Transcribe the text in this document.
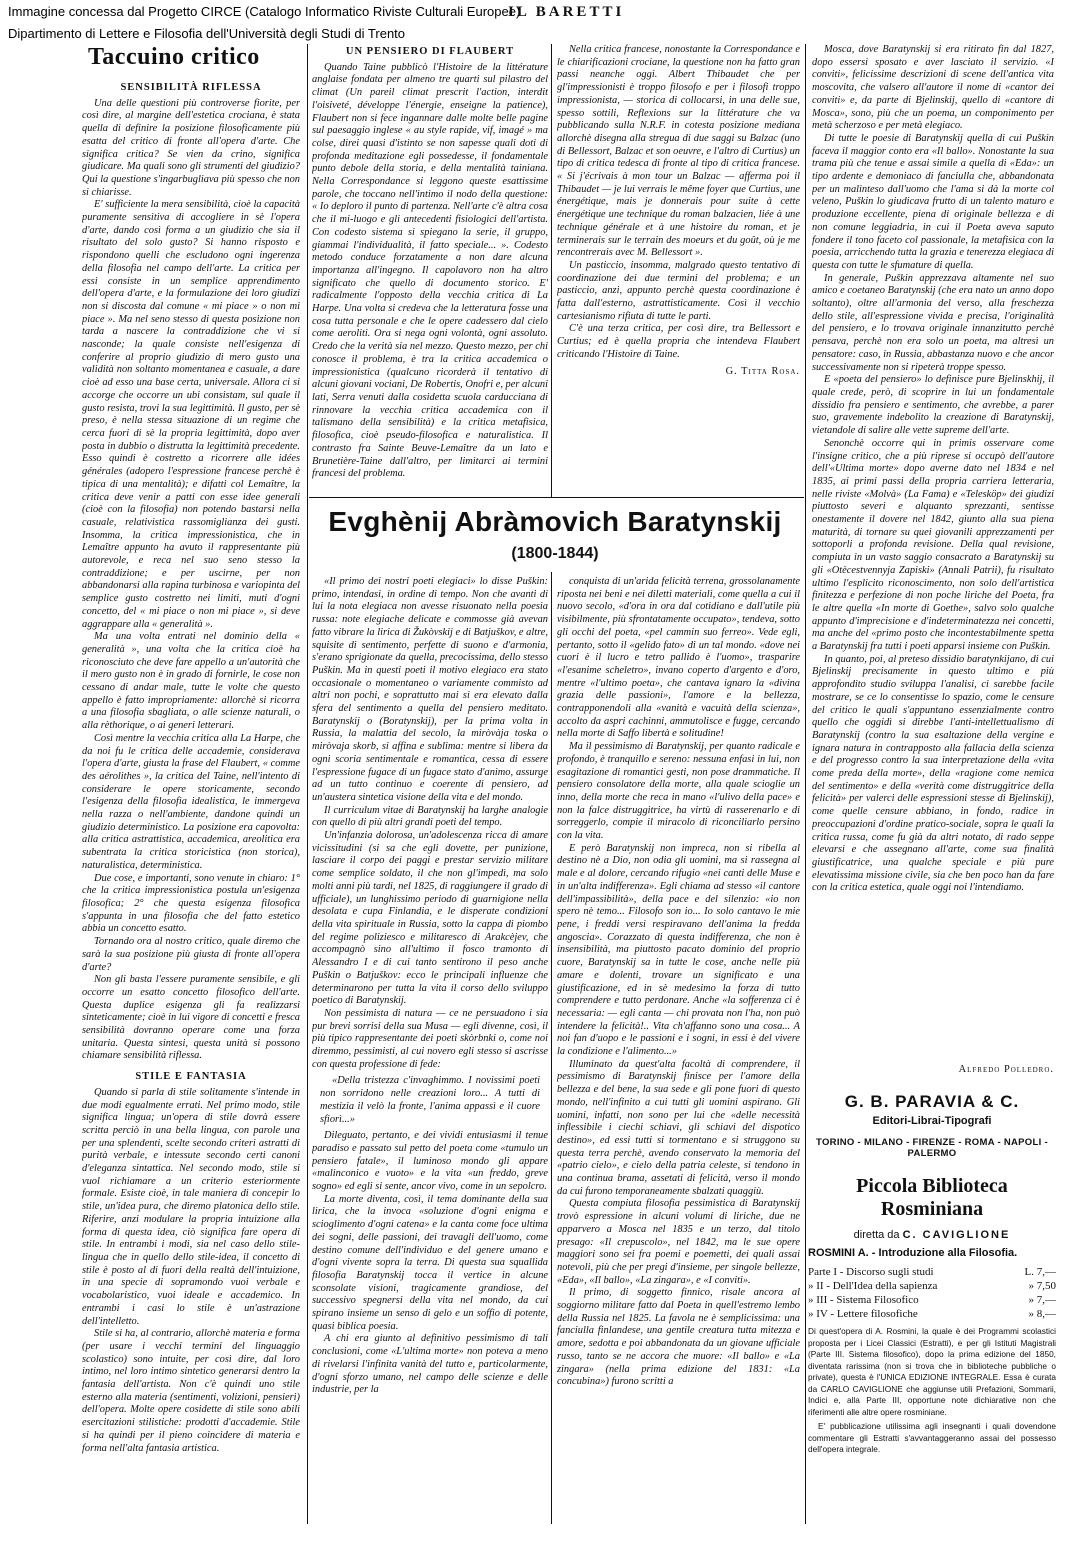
Immagine concessa dal Progetto CIRCE (Catalogo Informatico Riviste Culturali Europee)
Dipartimento di Lettere e Filosofia dell'Università degli Studi di Trento
IL BARETTI
Taccuino critico
SENSIBILITÀ RIFLESSA

Una delle questioni più controverse fiorite, per così dire, al margine dell'estetica crociana, è stata quella di definire la posizione filosoficamente più esatta del critico di fronte all'opera d'arte. Che significa critica? Se vien da crino, significa giudicare. Ma quali sono gli strumenti del giudizio? Qui la questione s'ingarbugliava più spesso che non si chiarisse.

E' sufficiente la mera sensibilità, cioè la capacità puramente sensitiva di accogliere in sè l'opera d'arte, dando così forma a un giudizio che sia il risultato del solo gusto? Si hanno risposto e rispondono quelli che escludono ogni ingerenza della filosofia nel campo dell'arte. La critica per essi consiste in un semplice apprendimento dell'opera d'arte, e la formulazione dei loro giudizi non si discosta dal comune « mi piace » o non mi piace ». Ma nel seno stesso di questa posizione non tarda a nascere la contraddizione che vi si nasconde; la quale consiste nell'esigenza di conferire al proprio giudizio di mero gusto una validità non soltanto momentanea e casuale, a dare cioè ad esso una base certa, universale. Allora ci si accorge che occorre un ubi consistam, sul quale il gusto resista, trovi la sua legittimità. Il gusto, per sè preso, è nella stessa situazione di un regime che cerca fuori di sè la propria legittimità, dopo aver posta in dubbio o distrutta la legittimità precedente. Esso quindi è costretto a ricorrere alle idées générales (adopero l'espressione francese perchè è tipica di una mentalità); e difatti col Lemaître, la critica deve venir a patti con esse idee generali (cioè con la filosofia) non potendo bastarsi nella casuale, relativistica rassomiglianza dei gusti. Insomma, la critica impressionistica, che in Lemaître appunto ha avuto il rappresentante più autorevole, e reca nel suo seno stesso la contraddizione; e per uscirne, per non abbandonarsi alla rapina turbinosa e variopinta del semplice gusto costretto nei limiti, muti d'ogni concetto, del « mi piace o non mi piace », si deve aggrappare alla « generalità ».

Ma una volta entrati nel dominio della « generalità », una volta che la critica cioè ha riconosciuto che deve fare appello a un'autorità che il mero gusto non è in grado di fornirle, le cose non cessano di andar male, tutte le volte che questo appello è fatto impropriamente: allorchè si ricorra a una filosofia sbagliata, o alle scienze naturali, o alla rèthorique, o ai generi letterari.

Così mentre la vecchia critica alla La Harpe, che da noi fu le critica delle accademie, considerava l'opera d'arte, giusta la frase del Flaubert, « comme des aérolithes », la critica del Taine, nell'intento di considerare le opere storicamente, secondo l'esigenza della filosofia idealistica, le immergeva nella razza o nell'ambiente, dandone quindi un giudizio deterministico. La posizione era capovolta: alla critica astrattistica, accademica, areolitica era subentrata la critica storicistica (non storica), naturalistica, deterministica.

Due cose, e importanti, sono venute in chiaro: 1° che la critica impressionistica postula un'esigenza filosofica; 2° che questa esigenza filosofica s'appunta in una filosofia che del fatto estetico abbia un concetto esatto.

Tornando ora al nostro critico, quale diremo che sarà la sua posizione più giusta di fronte all'opera d'arte?

Non gli basta l'essere puramente sensibile, e gli occorre un esatto concetto filosofico dell'arte. Questa duplice esigenza gli fa realizzarsi sinteticamente; cioè in lui vigore di concetti e fresca sensibilità dovranno operare come una forza unitaria. Questa sintesi, questa unità si possono chiamare sensibilità riflessa.

STILE E FANTASIA

Quando si parla di stile solitamente s'intende in due modi egualmente errati. Nel primo modo, stile significa lingua; un'opera di stile dovrà essere scritta perciò in una bella lingua, con parole una per una splendenti, scelte secondo criteri astratti di purità verbale, e intessute secondo certi canoni d'eleganza sintattica. Nel secondo modo, stile si vuol richiamare a un criterio esteriormente formale. Esiste cioè, in tale maniera di concepir lo stile, un'idea pura, che diremo platonica dello stile. Riferire, anzi modulare la propria intuizione alla forma di questa idea, ciò significa fare opera di stile. In entrambi i modi, sia nel caso dello stile-lingua che in quello dello stile-idea, il concetto di stile è posto al di fuori della realtà dell'intuizione, in una specie di sopramondo vuoi verbale e vocabolaristico, vuoi ideale e accademico. In entrambi i casi lo stile è un'astrazione dell'intelletto.

Stile si ha, al contrario, allorchè materia e forma (per usare i vecchi termini del linguaggio scolastico) sono intuite, per così dire, dal loro intimo, nel loro intimo sintetico generarsi dentro la fantasia dell'artista. Non c'è quindi uno stile esterno alla materia (sentimenti, volizioni, pensieri) dell'opera. Molte opere cosidette di stile sono abili esercitazioni stilistiche: prodotti d'accademie. Stile si ha quindi per il pieno coincidere di materia e forma nell'alta fantasia artistica.

UN PENSIERO DI FLAUBERT

Quando Taine pubblicò l'Histoire de la littérature anglaise fondata per almeno tre quarti sul pilastro del climat (Un pareil climat prescrit l'action, interdit l'oisiveté, développe l'énergie, enseigne la patience), Flaubert non si fece ingannare dalle molte belle pagine sul paesaggio inglese « au style rapide, vif, imagé » ma colse, direi quasi d'istinto se non sapesse quali doti di profonda meditazione egli possedesse, il fondamentale punto debole della storia, e della mentalità tainiana. Nella Correspondance si leggono queste esattissime parole, che toccano nell'intimo il nodo della questione: « Io deploro il punto di partenza. Nell'arte c'è altra cosa che il mi-luogo e gli antecedenti fisiologici dell'artista. Con codesto sistema si spiegano la serie, il gruppo, giammai l'individualità, il fatto speciale... ». Codesto metodo conduce forzatamente a non dare alcuna importanza all'ingegno. Il capolavoro non ha altro significato che quello di documento storico. E' radicalmente l'opposto della vecchia critica di La Harpe. Una volta si credeva che la letteratura fosse una cosa tutta personale e che le opere cadessero dal cielo come aeroliti. Ora si nega ogni volontà, ogni assoluto. Credo che la verità sia nel mezzo. Questo mezzo, per chi conosce il problema, è tra la critica accademica o impressionistica (qualcuno ricorderà il tentativo di alcuni giovani vociani, De Robertis, Onofri e, per alcuni lati, Serra venuti dalla cosidetta scuola carducciana di rinnovare la vecchia critica accademica con il talismano della sensibilità) e la critica metafisica, filosofica, cioè pseudo-filosofica e naturalistica. Il contrasto fra Sainte Beuve-Lemaître da un lato e Brunetière-Taine dall'altro, per limitarci ai termini francesi del problema.

Nella critica francese, nonostante la Correspondance e le chiarificazioni crociane, la questione non ha fatto gran passi neanche oggi. Albert Thibaudet che per gl'impressionisti è troppo filosofo e per i filosofi troppo impressionista, — storica di collocarsi, in una delle sue, spesso sottili, Reflexions sur la littérature che va pubblicando sulla N.R.F. in cotesta posizione mediana allorchè disegna alla stregua di due saggi su Balzac (uno di Bellessort, Balzac et son oeuvre, e l'altro di Curtius) un tipo di critica tedesca di fronte al tipo di critica francese. « Si j'écrivais à mon tour un Balzac — afferma poi il Thibaudet — je lui verrais le même foyer que Curtius, une énergétique, mais je donnerais pour suite à cette énergétique une technique du roman balzacien, liée à une technique générale et à une histoire du roman, et je terminerais sur le terrain des moeurs et du goût, où je me rencontrerais avec M. Bellessort ».

Un pasticcio, insomma, malgrado questo tentativo di coordinazione dei due termini del problema; e un pasticcio, anzi, appunto perchè questa coordinazione è fatta dall'esterno, astrattisticamente. Così il vecchio cartesianismo rifiuta di tutte le parti.

C'è una terza critica, per così dire, tra Bellessort e Curtius; ed è quella propria che intendeva Flaubert criticando l'Histoire di Taine.

G. Titta Rosa.

Evghènij Abràmovich Baratynskij
(1800-1844)

«Il primo dei nostri poeti elegiaci» lo disse Puškin: primo, intendasi, in ordine di tempo. Non che avanti di lui la nota elegiaca non avesse risuonato nella poesia russa: note elegiache delicate e commosse già avevan fatto vibrare la lirica di Žukòvskij e di Batjuškov, e altre, squisite di sentimento, perfette di suono e d'armonia, s'erano sprigionate da quella, precocissima, dello stesso Puškin. Ma in questi poeti il motivo elegiaco era stato occasionale o momentaneo o variamente commisto ad altri non pochi, e soprattutto mai si era elevato dalla sfera del sentimento a quella del pensiero meditato. Baratynskij o (Boratynskij), per la prima volta in Russia, la malattia del secolo, la miròvàja toska o miròvaja skorb, si affina e sublima: mentre si libera da ogni scoria sentimentale e romantica, cessa di essere l'espressione fugace di un fugace stato d'animo, assurge ad un tutto continuo e coerente di pensiero, ad un'austera sintetica visione della vita e del mondo.

Il curriculum vitae di Baratynskij ha larghe analogie con quello di più altri grandi poeti del tempo.

Un'infanzia dolorosa, un'adolescenza ricca di amare vicissitudini (si sa che egli dovette, per punizione, lasciare il corpo dei paggi e prestar servizio militare come semplice soldato, il che non gl'impedì, ma solo molti anni più tardi, nel 1825, di raggiungere il grado di ufficiale), un lunghissimo periodo di guarnigione nella desolata e cupa Finlandia, e le disperate condizioni della vita spirituale in Russia, sotto la cappa di piombo del regime poliziesco e militaresco di Arakcèjev, che accompagnò sino all'ultimo il fosco tramonto di Alessandro I e di cui tanto sentirono il peso anche Puškin o Batjuškov: ecco le principali influenze che determinarono per tutta la vita il corso dello sviluppo poetico di Baratynskij.

Non pessimista di natura — ce ne persuadono i sia pur brevi sorrisi della sua Musa — egli divenne, così, il più tipico rappresentante dei poeti skòrbnki o, come noi diremmo, pessimisti, al cui novero egli stesso si ascrisse con questa professione di fede:

«Della tristezza c'invaghimmo. I novissimi poeti non sorridono nelle creazioni loro... A tutti di mestizia il velò la fronte, l'anima appassì e il cuore sfiorì...»

Dileguato, pertanto, e dei vividi entusiasmi il tenue paradiso e passato sul petto del poeta come «tumulo un pensiero fatale», il luminoso mondo gli appare «malinconico e vuoto» e la vita «un freddo, greve sogno» ed egli si sente, ancor vivo, come in un sepolcro.

La morte diventa, così, il tema dominante della sua lirica, che la invoca «soluzione d'ogni enigma e scioglimento d'ogni catena» e la canta come foce ultima dei sogni, delle passioni, dei travagli dell'uomo, come destino comune dell'individuo e del genere umano e d'ogni vivente sopra la terra. Di questa sua squallida filosofia Baratynskij tocca il vertice in alcune sconsolate visioni, tragicamente grandiose, del successivo spegnersi della vita nel mondo, da cui spirano insieme un senso di gelo e un soffio di potente, quasi biblica poesia.

A chi era giunto al definitivo pessimismo di tali conclusioni, come «L'ultima morte» non poteva a meno di rivelarsi l'infinita vanità del tutto e, particolarmente, d'ogni sforzo umano, nel campo delle scienze e delle industrie, per la

conquista di un'arida felicità terrena, grossolanamente riposta nei beni e nei diletti materiali, come quella a cui il nuovo secolo, «d'ora in ora dal cotidiano e dall'utile più visibilmente, più sfrontatamente occupato», tendeva, sotto gli occhi del poeta, «pel cammin suo ferreo». Vede egli, pertanto, sotto il «gelido fato» di un tal mondo. «dove nei cuori è il lucro e tetro pallido è l'uomo», trasparire «l'esanime scheletro», invano coperto d'argento e d'oro, mentre «l'ultimo poeta», che cantava ignaro la «divina grazia delle passioni», l'amore e la bellezza, contrapponendoli alla «vanità e vacuità della scienza», accolto da aspri cachinni, ammutolisce e fugge, cercando nella morte di Saffo libertà e solitudine!

Ma il pessimismo di Baratynskij, per quanto radicale e profondo, è tranquillo e sereno: nessuna enfasi in lui, non esagitazione di romantici gesti, non pose drammatiche. Il pensiero consolatore della morte, alla quale scioglie un inno, della morte che reca in mano «l'ulivo della pace» e non la falce distruggitrice, ha virtù di rasserenarlo e di sorreggerlo, compie il miracolo di riconciliarlo persino con la vita.

E però Baratynskij non impreca, non si ribella al destino nè a Dio, non odia gli uomini, ma si rassegna al male e al dolore, cercando rifugio «nei canti delle Muse e in un'alta indifferenza». Egli chiama ad stesso «il cantore dell'impassibilità», della pace e del silenzio: «io non spero nè temo... Filosofo son io... Io solo cantavo le mie pene, i freddi versi respiravano dell'anima la fredda angoscia». Corazzato di questa indifferenza, che non è insensibilità, ma piuttosto pacato dominio del proprio cuore, Baratynskij sa in tutte le cose, anche nelle più amare e dolenti, trovare un significato e una giustificazione, ed in sè medesimo la forza di tutto comprendere e tutto perdonare. Anche «la sofferenza ci è necessaria: — egli canta — chi provata non l'ha, non può intendere la felicità!.. Vita ch'affanno sono una cosa... A noi fan d'uopo e le passioni e i sogni, in essi è del vivere la condizione e l'alimento...»

Illuminato da quest'alta facoltà di comprendere, il pessimismo di Baratynskij finisce per l'amore della bellezza e del bene, la sua sede e gli pone fuori di questo mondo, nell'infinito a cui tutti gli uomini aspirano. Gli uomini, infatti, non sono per lui che «delle necessità inflessibile i ciechi schiavi, gli schiavi del dispotico destino», ed essi tutti si tormentano e si struggono su questa terra perchè, avendo conservato la memoria del «patrio cielo», e cielo della patria celeste, si tendono in una continua brama, assetati di felicità, verso il mondo da cui furono temporaneamente sbalzati quaggiù.

Questa compiuta filosofia pessimistica di Baratynskij trovò espressione in alcuni volumi di liriche, due ne apparvero a Mosca nel 1835 e un terzo, dal titolo presago: «Il crepuscolo», nel 1842, ma le sue opere maggiori sono sei fra poemi e poemetti, dei quali assai notevoli, più che per pregi d'insieme, per singole bellezze, «Eda», «Il ballo», «La zingara», e «I conviti».

Il primo, di soggetto finnico, risale ancora al soggiorno militare fatto dal Poeta in quell'estremo lembo della Russia nel 1825. La favola ne è semplicissima: una fanciulla finlandese, una gentile creatura tutta mitezza e amore, sedotta e poi abbandonata da un giovane ufficiale russo, tanto se ne accora che muore: «Il ballo» e «La zingara» (nella prima edizione del 1831: «La concubina») furono scritti a

Mosca, dove Baratynskij si era ritirato fin dal 1827, dopo essersi sposato e aver lasciato il servizio. «I conviti», felicissime descrizioni di scene dell'antica vita moscovita, che valsero all'autore il nome di «cantor dei conviti» e, da parte di Bjelinskij, quello di «cantore di Mosca», sono, più che un poema, un componimento per metà scherzoso e per metà elegiaco.

Di tutte le poesie di Baratynskij quella di cui Puškin faceva il maggior conto era «Il ballo». Nonostante la sua trama più che tenue e assai simile a quella di «Eda»: un tipo ardente e demoniaco di fanciulla che, abbandonata per un malinteso dall'uomo che l'ama si dà la morte col veleno, Puškin lo giudicava frutto di un talento maturo e produzione eccellente, piena di originale bellezza e di non comune leggiadria, in cui il Poeta aveva saputo fondere il tono faceto col passionale, la metafisica con la poesia, arricchendo tutta la grazia e tenerezza elegiaca di questa con tutte le sfumature di quella.

In generale, Puškin apprezzava altamente nel suo amico e coetaneo Baratynskij (che era nato un anno dopo soltanto), oltre all'armonia del verso, alla freschezza dello stile, all'espressione vivida e precisa, l'originalità del pensiero, e lo trovava originale innanzitutto perchè pensava, perchè non era solo un poeta, ma altresì un pensatore: caso, in Russia, abbastanza nuovo e che ancor successivamente non si ripeterà troppe spesso.

E «poeta del pensiero» lo definisce pure Bjelinskhij, il quale crede, però, di scoprire in lui un fondamentale dissidio fra pensiero e sentimento, che avrebbe, a parer suo, gravemente indebolito la creazione di Baratynskij, vietandole di salire alle vette supreme dell'arte.

Senonchè occorre qui in primis osservare come l'insigne critico, che a più riprese si occupò dell'autore dell'«Ultima morte» dopo averne dato nel 1834 e nel 1835, ai primi passi della propria carriera letteraria, nelle riviste «Molvà» (La Fama) e «Telesköp» dei giudizi piuttosto severi e alquanto sprezzanti, sentisse onestamente il dovere nel 1842, giunto alla sua piena maturità, di tornare su quei giovanili apprezzamenti per sottoporli a profonda revisione. Della qual revisione, compiuta in un vasto saggio consacrato a Baratynskij su gli «Otècestvennyja Zapiski» (Annali Patrii), fu risultato ultimo l'esplicito riconoscimento, non solo dell'artistica finitezza e perfezione di non poche liriche del Poeta, fra le altre quella «In morte di Goethe», salvo solo qualche appunto d'imprecisione e d'indeterminatezza nei concetti, ma anche del «primo posto che incontestabilmente spetta a Baratynskij fra tutti i poeti apparsi insieme con Puškin.

In quanto, poi, al preteso dissidio baratynkijano, di cui Bjelinskij precisamente in questo ultimo e più approfondito studio sviluppa l'analisi, ci sarebbe facile mostrare, se ce lo consentisse lo spazio, come le censure del critico le quali s'appuntano essenzialmente contro quello che oggidì si direbbe l'anti-intellettualismo di Baratynskij (contro la sua esaltazione della vergine e ignara natura in contrapposto alla fallacia della scienza e del progresso contro la sua interpretazione della «vita come preda della morte», della «ragione come nemica del sentimento» e della «verità come distruggitrice della felicità» per valerci delle espressioni stesse di Bjelinskij), come quelle censure abbiano, in fondo, radice in preoccupazioni d'ordine pratico-sociale, sopra le quali la critica russa, come fu già da altri notato, di rado seppe elevarsi e che assegnano all'arte, come sua finalità giustificatrice, una qualche speciale e più pure elevatissima missione civile, sia che ben poco han da fare con la critica estetica, quale oggi noi l'intendiamo.

Alfredo Polledro.

G. B. PARAVIA & C.
Editori-Librai-Tipografi
TORINO - MILANO - FIRENZE - ROMA - NAPOLI - PALERMO
Piccola Biblioteca
Rosminiana
diretta da C. CAVIGLIONE
ROSMINI A. - Introduzione alla Filosofia.
Parte I - Discorso sugli studi	L. 7,—
» II - Dell'Idea della sapienza	» 7,50
» III - Sistema Filosofico	» 7,—
» IV - Lettere filosofiche	» 8,—
Di quest'opera di A. Rosmini, la quale è dei Programmi scolastici proposta per i Licei Classici (Estratti), e per gli Istituti Magistrali (Parte III. Sistema filosofico), dopo la prima edizione del 1850, diventata rarissima (non si trova che in biblioteche pubbliche o private), questa è l'UNICA EDIZIONE INTEGRALE. Essa è curata da CARLO CAVIGLIONE che aggiunse utili Prefazioni, Sommarii, Indici e, alla Parte III, opportune note dichiarative non che riferimenti alle altre opere rosminiane.
E' pubblicazione utilissima agli insegnanti i quali dovendone commentare gli Estratti s'avvantaggeranno assai del possesso dell'opera integrale.
